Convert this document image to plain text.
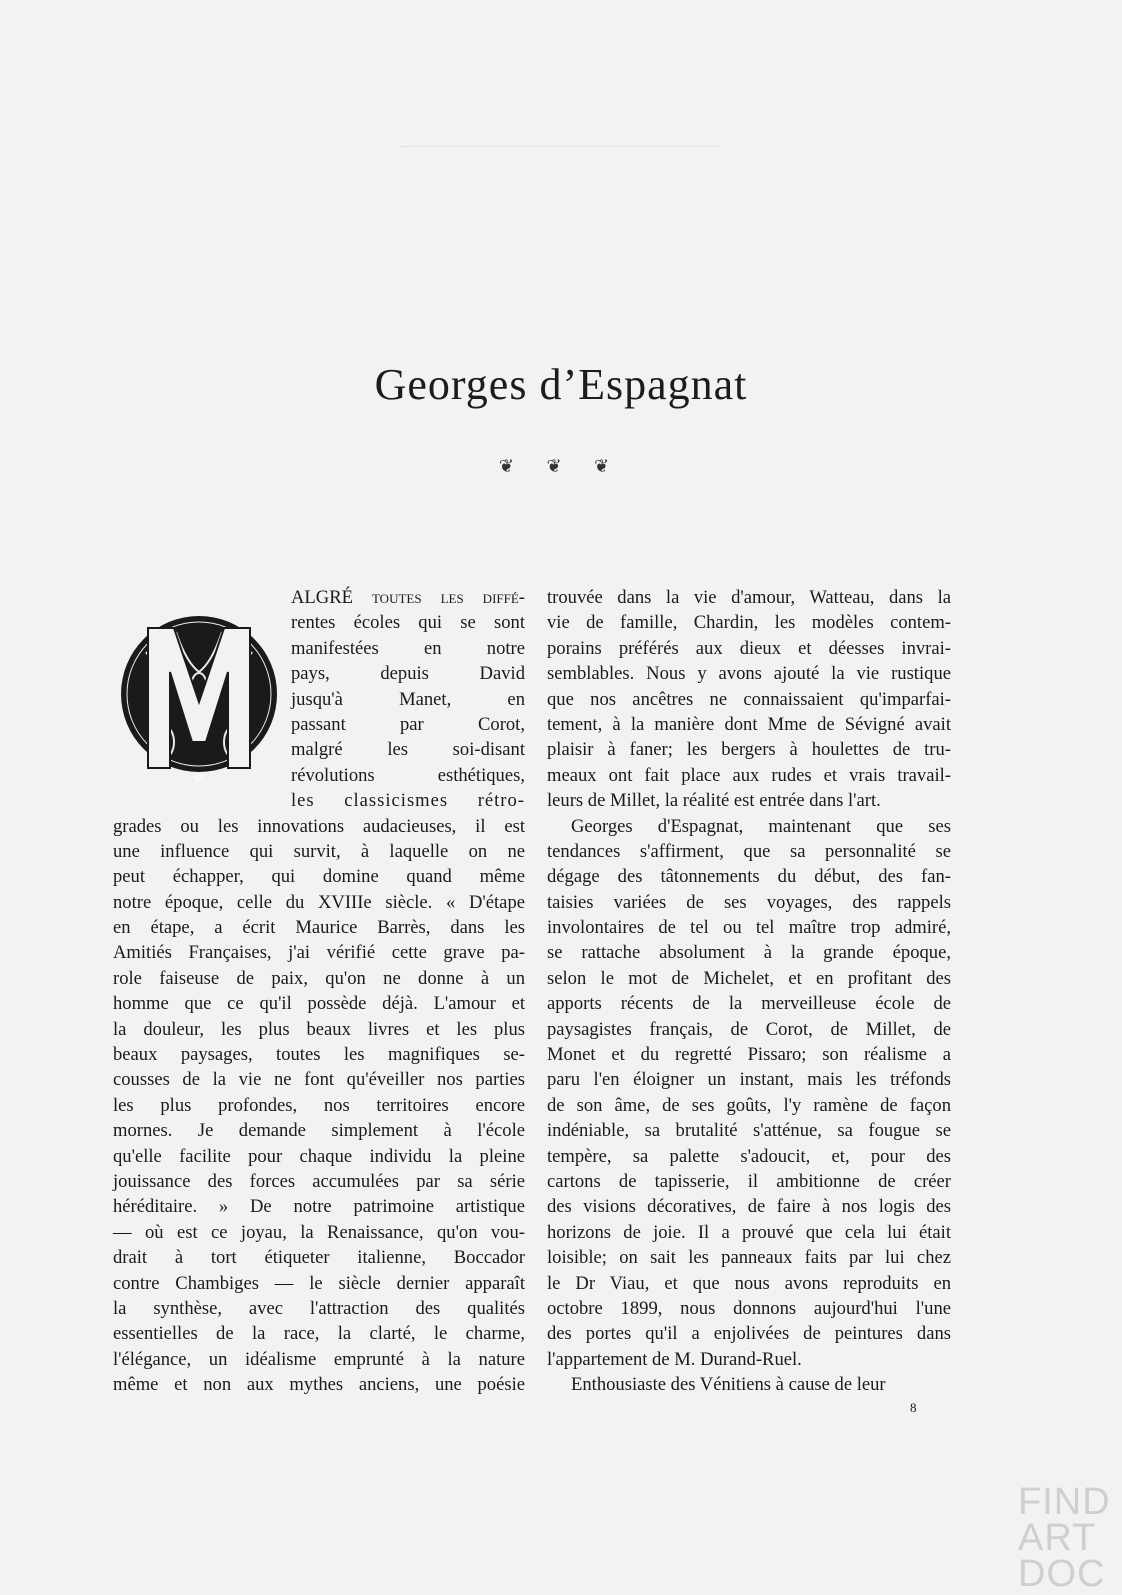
Georges d’Espagnat
❦ ❦ ❦
M
ALGRÉ toutes les diffé-
rentes écoles qui se sont
manifestées en notre
pays, depuis David
jusqu'à Manet, en
passant par Corot,
malgré les soi-disant
révolutions esthétiques,
les classicismes rétro-
grades ou les innovations audacieuses, il est
une influence qui survit, à laquelle on ne
peut échapper, qui domine quand même
notre époque, celle du XVIIIe siècle. « D'étape
en étape, a écrit Maurice Barrès, dans les
Amitiés Françaises, j'ai vérifié cette grave pa-
role faiseuse de paix, qu'on ne donne à un
homme que ce qu'il possède déjà. L'amour et
la douleur, les plus beaux livres et les plus
beaux paysages, toutes les magnifiques se-
cousses de la vie ne font qu'éveiller nos parties
les plus profondes, nos territoires encore
mornes. Je demande simplement à l'école
qu'elle facilite pour chaque individu la pleine
jouissance des forces accumulées par sa série
héréditaire. » De notre patrimoine artistique
— où est ce joyau, la Renaissance, qu'on vou-
drait à tort étiqueter italienne, Boccador
contre Chambiges — le siècle dernier apparaît
la synthèse, avec l'attraction des qualités
essentielles de la race, la clarté, le charme,
l'élégance, un idéalisme emprunté à la nature
même et non aux mythes anciens, une poésie
trouvée dans la vie d'amour, Watteau, dans la
vie de famille, Chardin, les modèles contem-
porains préférés aux dieux et déesses invrai-
semblables. Nous y avons ajouté la vie rustique
que nos ancêtres ne connaissaient qu'imparfai-
tement, à la manière dont Mme de Sévigné avait
plaisir à faner; les bergers à houlettes de tru-
meaux ont fait place aux rudes et vrais travail-
leurs de Millet, la réalité est entrée dans l'art.
Georges d'Espagnat, maintenant que ses
tendances s'affirment, que sa personnalité se
dégage des tâtonnements du début, des fan-
taisies variées de ses voyages, des rappels
involontaires de tel ou tel maître trop admiré,
se rattache absolument à la grande époque,
selon le mot de Michelet, et en profitant des
apports récents de la merveilleuse école de
paysagistes français, de Corot, de Millet, de
Monet et du regretté Pissaro; son réalisme a
paru l'en éloigner un instant, mais les tréfonds
de son âme, de ses goûts, l'y ramène de façon
indéniable, sa brutalité s'atténue, sa fougue se
tempère, sa palette s'adoucit, et, pour des
cartons de tapisserie, il ambitionne de créer
des visions décoratives, de faire à nos logis des
horizons de joie. Il a prouvé que cela lui était
loisible; on sait les panneaux faits par lui chez
le Dr Viau, et que nous avons reproduits en
octobre 1899, nous donnons aujourd'hui l'une
des portes qu'il a enjolivées de peintures dans
l'appartement de M. Durand-Ruel.
Enthousiaste des Vénitiens à cause de leur
8
FIND
ART
DOC
